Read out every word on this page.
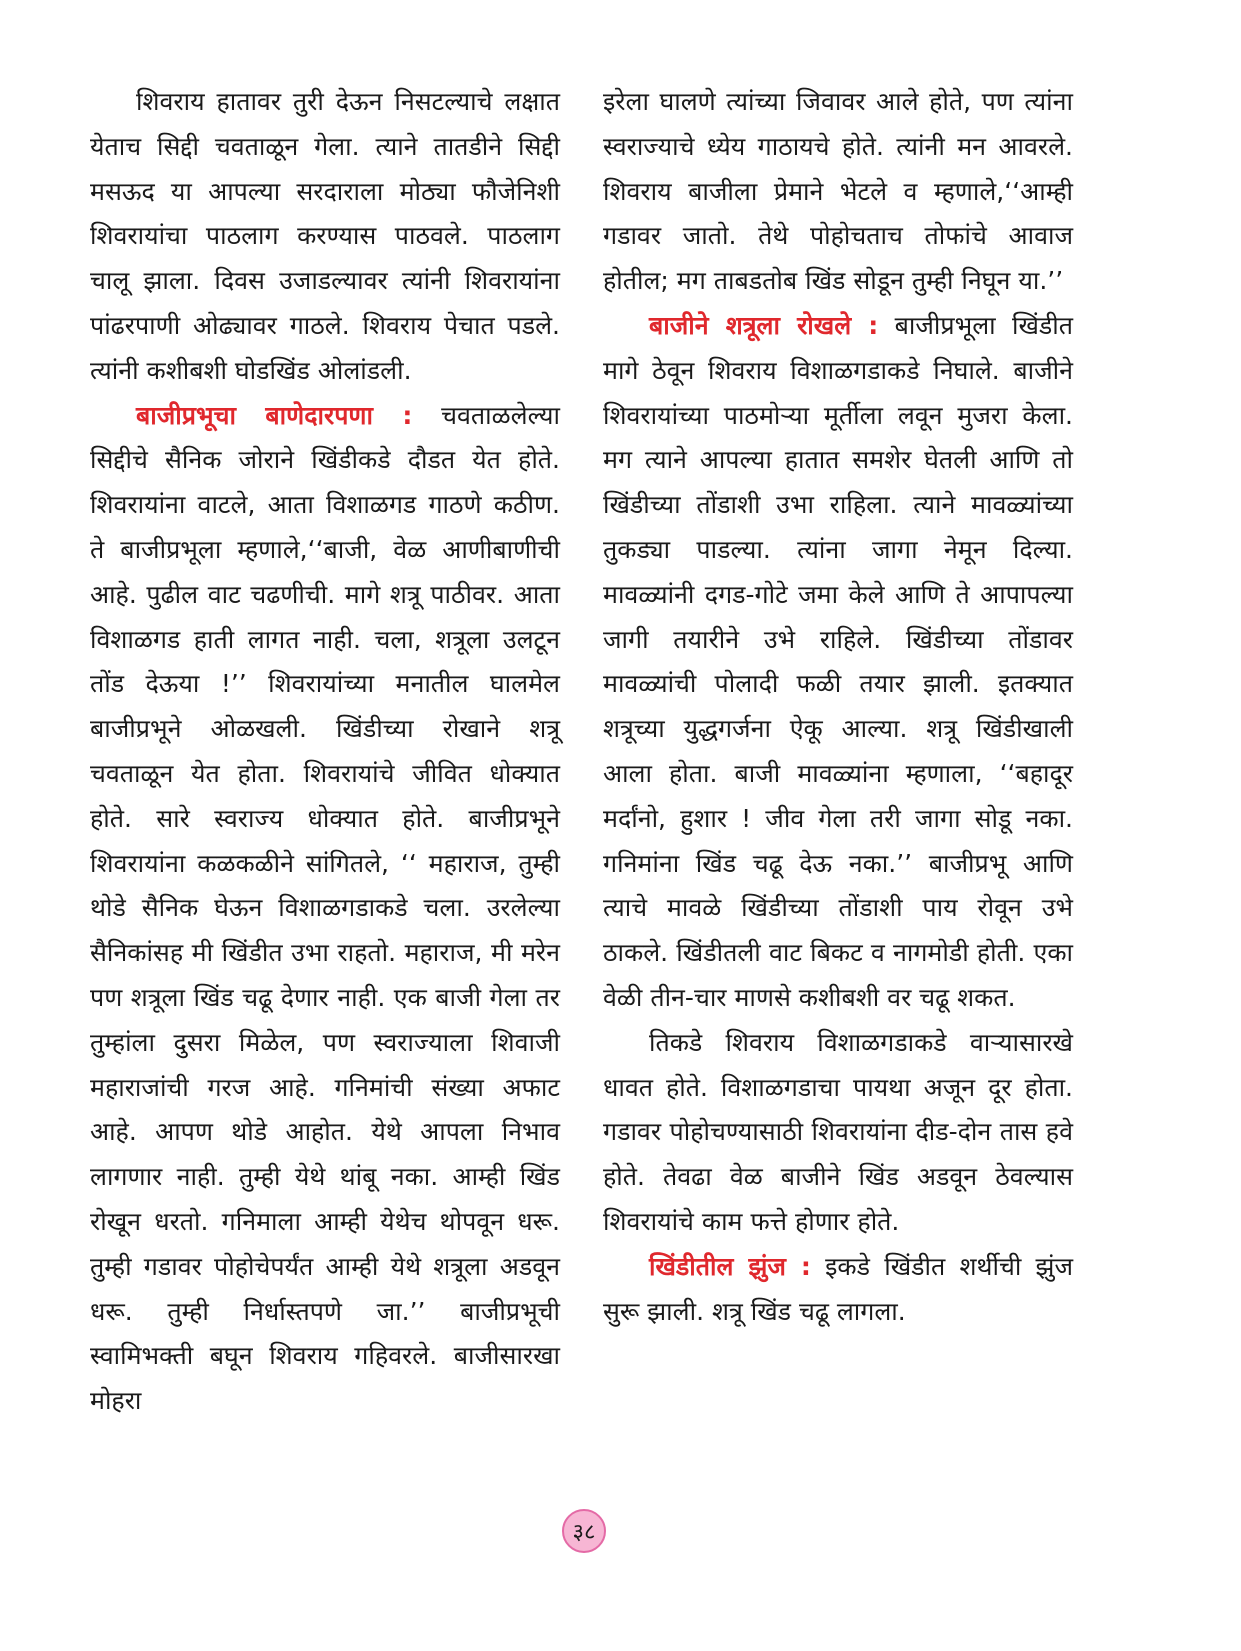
शिवराय हातावर तुरी देऊन निसटल्याचे लक्षात येताच सिद्दी चवताळून गेला. त्याने तातडीने सिद्दी मसऊद या आपल्या सरदाराला मोठ्या फौजेनिशी शिवरायांचा पाठलाग करण्यास पाठवले. पाठलाग चालू झाला. दिवस उजाडल्यावर त्यांनी शिवरायांना पांढरपाणी ओढ्यावर गाठले. शिवराय पेचात पडले. त्यांनी कशीबशी घोडखिंड ओलांडली.

बाजीप्रभूचा बाणेदारपणा : चवताळलेल्या सिद्दीचे सैनिक जोराने खिंडीकडे दौडत येत होते. शिवरायांना वाटले, आता विशाळगड गाठणे कठीण. ते बाजीप्रभूला म्हणाले,‘‘बाजी, वेळ आणीबाणीची आहे. पुढील वाट चढणीची. मागे शत्रू पाठीवर. आता विशाळगड हाती लागत नाही. चला, शत्रूला उलटून तोंड देऊया !’’ शिवरायांच्या मनातील घालमेल बाजीप्रभूने ओळखली. खिंडीच्या रोखाने शत्रू चवताळून येत होता. शिवरायांचे जीवित धोक्यात होते. सारे स्वराज्य धोक्यात होते. बाजीप्रभूने शिवरायांना कळकळीने सांगितले, ‘‘ महाराज, तुम्ही थोडे सैनिक घेऊन विशाळगडाकडे चला. उरलेल्या सैनिकांसह मी खिंडीत उभा राहतो. महाराज, मी मरेन पण शत्रूला खिंड चढू देणार नाही. एक बाजी गेला तर तुम्हांला दुसरा मिळेल, पण स्वराज्याला शिवाजी महाराजांची गरज आहे. गनिमांची संख्या अफाट आहे. आपण थोडे आहोत. येथे आपला निभाव लागणार नाही. तुम्ही येथे थांबू नका. आम्ही खिंड रोखून धरतो. गनिमाला आम्ही येथेच थोपवून धरू. तुम्ही गडावर पोहोचेपर्यंत आम्ही येथे शत्रूला अडवून धरू. तुम्ही निर्धास्तपणे जा.’’ बाजीप्रभूची स्वामिभक्ती बघून शिवराय गहिवरले. बाजीसारखा मोहरा

इरेला घालणे त्यांच्या जिवावर आले होते, पण त्यांना स्वराज्याचे ध्येय गाठायचे होते. त्यांनी मन आवरले. शिवराय बाजीला प्रेमाने भेटले व म्हणाले,‘‘आम्ही गडावर जातो. तेथे पोहोचताच तोफांचे आवाज होतील; मग ताबडतोब खिंड सोडून तुम्ही निघून या.’’

बाजीने शत्रूला रोखले : बाजीप्रभूला खिंडीत मागे ठेवून शिवराय विशाळगडाकडे निघाले. बाजीने शिवरायांच्या पाठमोऱ्या मूर्तीला लवून मुजरा केला. मग त्याने आपल्या हातात समशेर घेतली आणि तो खिंडीच्या तोंडाशी उभा राहिला. त्याने मावळ्यांच्या तुकड्या पाडल्या. त्यांना जागा नेमून दिल्या. मावळ्यांनी दगड-गोटे जमा केले आणि ते आपापल्या जागी तयारीने उभे राहिले. खिंडीच्या तोंडावर मावळ्यांची पोलादी फळी तयार झाली. इतक्यात शत्रूच्या युद्धगर्जना ऐकू आल्या. शत्रू खिंडीखाली आला होता. बाजी मावळ्यांना म्हणाला, ‘‘बहादूर मर्दांनो, हुशार ! जीव गेला तरी जागा सोडू नका. गनिमांना खिंड चढू देऊ नका.’’ बाजीप्रभू आणि त्याचे मावळे खिंडीच्या तोंडाशी पाय रोवून उभे ठाकले. खिंडीतली वाट बिकट व नागमोडी होती. एका वेळी तीन-चार माणसे कशीबशी वर चढू शकत.

तिकडे शिवराय विशाळगडाकडे वाऱ्यासारखे धावत होते. विशाळगडाचा पायथा अजून दूर होता. गडावर पोहोचण्यासाठी शिवरायांना दीड-दोन तास हवे होते. तेवढा वेळ बाजीने खिंड अडवून ठेवल्यास शिवरायांचे काम फत्ते होणार होते.

खिंडीतील झुंज : इकडे खिंडीत शर्थीची झुंज सुरू झाली. शत्रू खिंड चढू लागला.

३८
